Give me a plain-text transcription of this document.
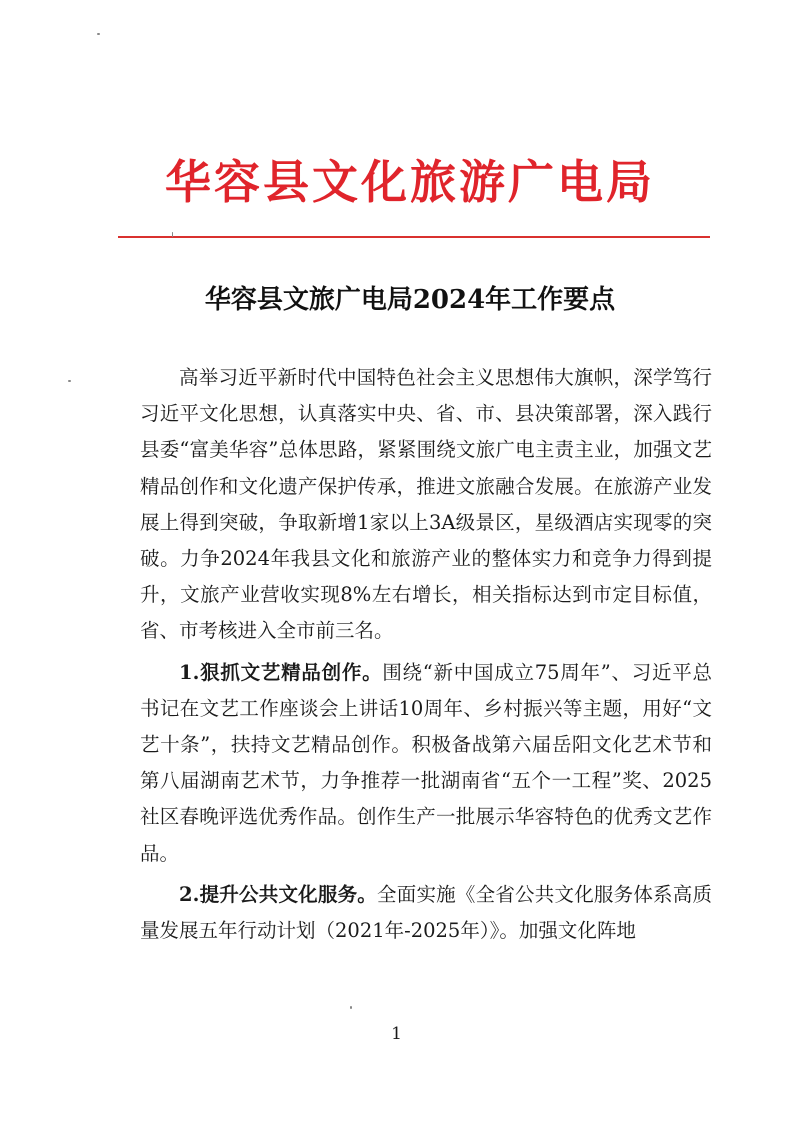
华容县文化旅游广电局
华容县文旅广电局2024年工作要点

高举习近平新时代中国特色社会主义思想伟大旗帜，深学笃行习近平文化思想，认真落实中央、省、市、县决策部署，深入践行县委“富美华容”总体思路，紧紧围绕文旅广电主责主业，加强文艺精品创作和文化遗产保护传承，推进文旅融合发展。在旅游产业发展上得到突破，争取新增1家以上3A级景区，星级酒店实现零的突破。力争2024年我县文化和旅游产业的整体实力和竞争力得到提升，文旅产业营收实现8%左右增长，相关指标达到市定目标值，省、市考核进入全市前三名。

1.狠抓文艺精品创作。围绕“新中国成立75周年”、习近平总书记在文艺工作座谈会上讲话10周年、乡村振兴等主题，用好“文艺十条”，扶持文艺精品创作。积极备战第六届岳阳文化艺术节和第八届湖南艺术节，力争推荐一批湖南省“五个一工程”奖、2025社区春晚评选优秀作品。创作生产一批展示华容特色的优秀文艺作品。

2.提升公共文化服务。全面实施《全省公共文化服务体系高质量发展五年行动计划（2021年-2025年）》。加强文化阵地

1
